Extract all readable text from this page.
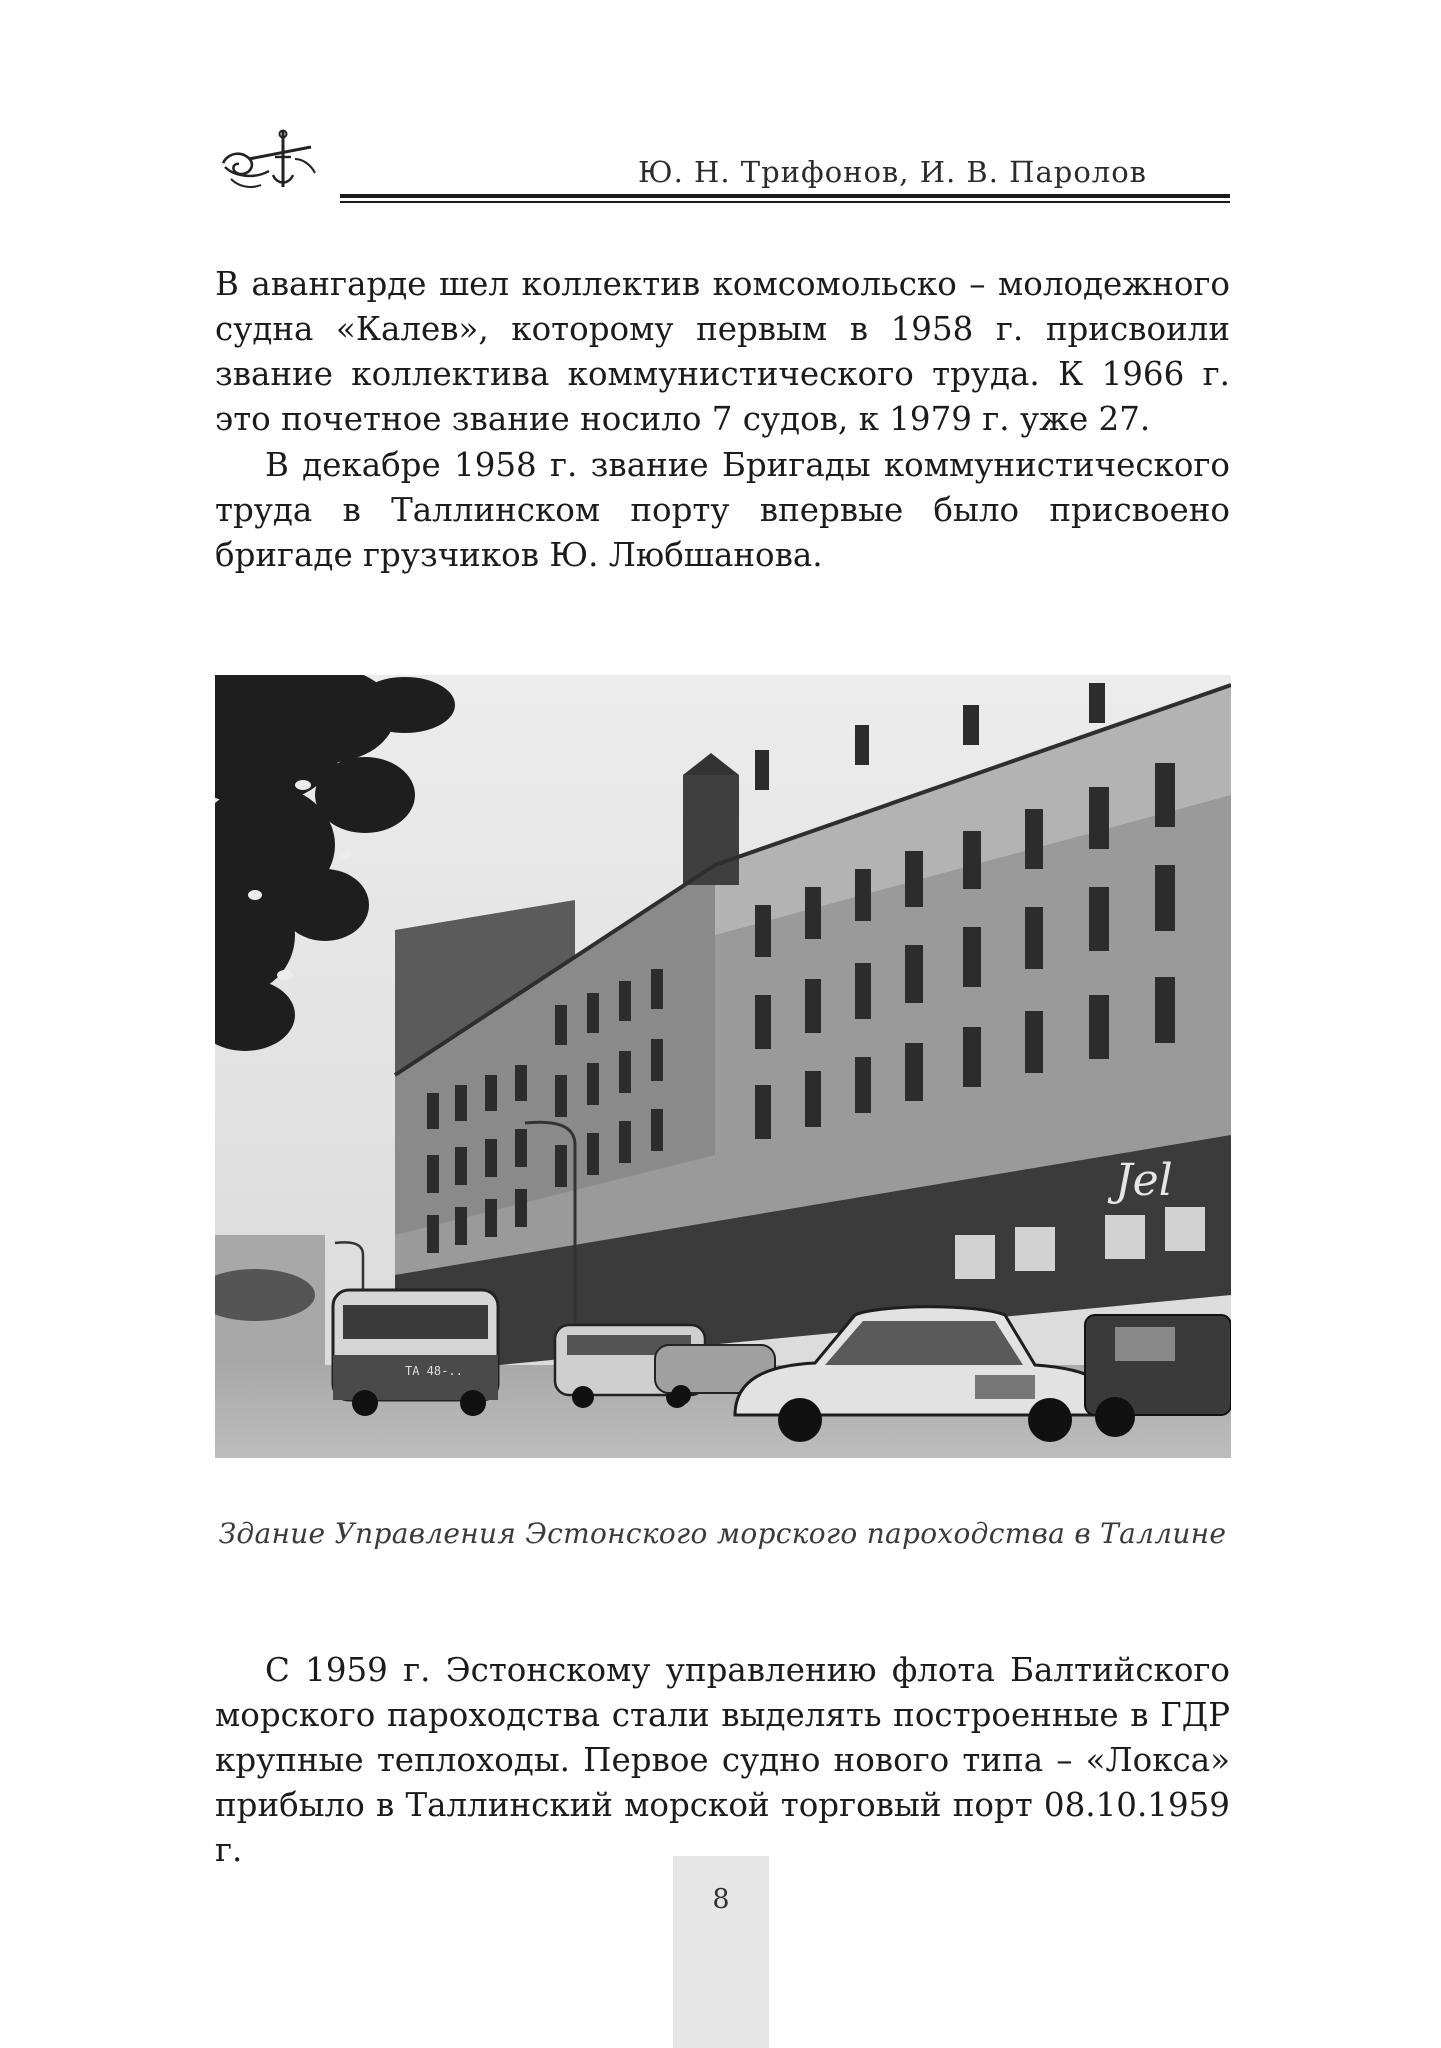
Ю. Н. Трифонов, И. В. Паролов

В авангарде шел коллектив комсомольско – молодежного судна «Калев», которому первым в 1958 г. присвоили звание коллектива коммунистического труда. К 1966 г. это почетное звание носило 7 судов, к 1979 г. уже 27.

В декабре 1958 г. звание Бригады коммунистического труда в Таллинском порту впервые было присвоено бригаде грузчиков Ю. Любшанова.

Jel
ТА 48-..
Здание Управления Эстонского морского пароходства в Таллине

С 1959 г. Эстонскому управлению флота Балтийского морского пароходства стали выделять построенные в ГДР крупные теплоходы. Первое судно нового типа – «Локса» прибыло в Таллинский морской торговый порт 08.10.1959 г.

8
